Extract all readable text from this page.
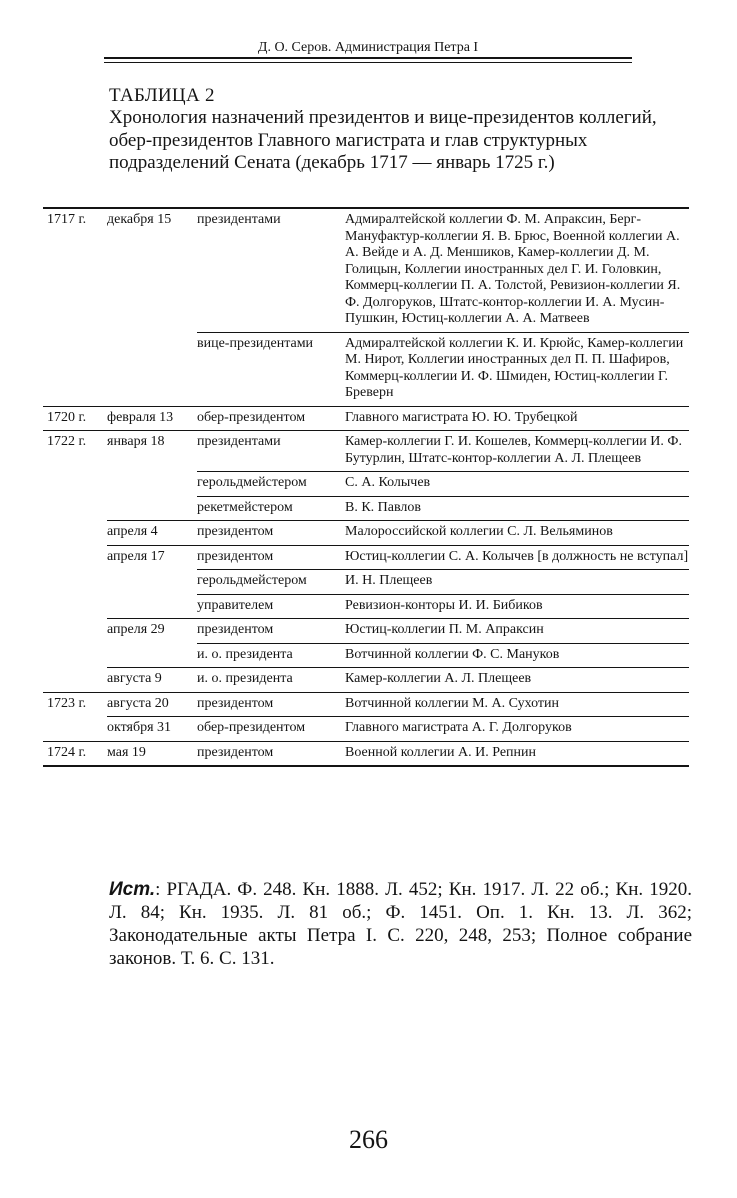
Д. О. Серов. Администрация Петра I
ТАБЛИЦА 2
Хронология назначений президентов и вице-президентов коллегий, обер-президентов Главного магистрата и глав структурных подразделений Сената (декабрь 1717 — январь 1725 г.)
1717 г.	декабря 15	президентами	Адмиралтейской коллегии Ф. М. Апраксин, Берг-Мануфактур-коллегии Я. В. Брюс, Военной коллегии А. А. Вейде и А. Д. Меншиков, Камер-коллегии Д. М. Голицын, Коллегии иностранных дел Г. И. Головкин, Коммерц-коллегии П. А. Толстой, Ревизион-коллегии Я. Ф. Долгоруков, Штатс-контор-коллегии И. А. Мусин-Пушкин, Юстиц-коллегии А. А. Матвеев
		вице-президентами	Адмиралтейской коллегии К. И. Крюйс, Камер-коллегии М. Нирот, Коллегии иностранных дел П. П. Шафиров, Коммерц-коллегии И. Ф. Шмиден, Юстиц-коллегии Г. Бреверн
1720 г.	февраля 13	обер-президентом	Главного магистрата Ю. Ю. Трубецкой
1722 г.	января 18	президентами	Камер-коллегии Г. И. Кошелев, Коммерц-коллегии И. Ф. Бутурлин, Штатс-контор-коллегии А. Л. Плещеев
		герольдмейстером	С. А. Колычев
		рекетмейстером	В. К. Павлов
	апреля 4	президентом	Малороссийской коллегии С. Л. Вельяминов
	апреля 17	президентом	Юстиц-коллегии С. А. Колычев [в должность не вступал]
		герольдмейстером	И. Н. Плещеев
		управителем	Ревизион-конторы И. И. Бибиков
	апреля 29	президентом	Юстиц-коллегии П. М. Апраксин
		и. о. президента	Вотчинной коллегии Ф. С. Мануков
	августа 9	и. о. президента	Камер-коллегии А. Л. Плещеев
1723 г.	августа 20	президентом	Вотчинной коллегии М. А. Сухотин
	октября 31	обер-президентом	Главного магистрата А. Г. Долгоруков
1724 г.	мая 19	президентом	Военной коллегии А. И. Репнин
Ист.: РГАДА. Ф. 248. Кн. 1888. Л. 452; Кн. 1917. Л. 22 об.; Кн. 1920. Л. 84; Кн. 1935. Л. 81 об.; Ф. 1451. Оп. 1. Кн. 13. Л. 362; Законодательные акты Петра I. С. 220, 248, 253; Полное собрание законов. Т. 6. С. 131.
266
